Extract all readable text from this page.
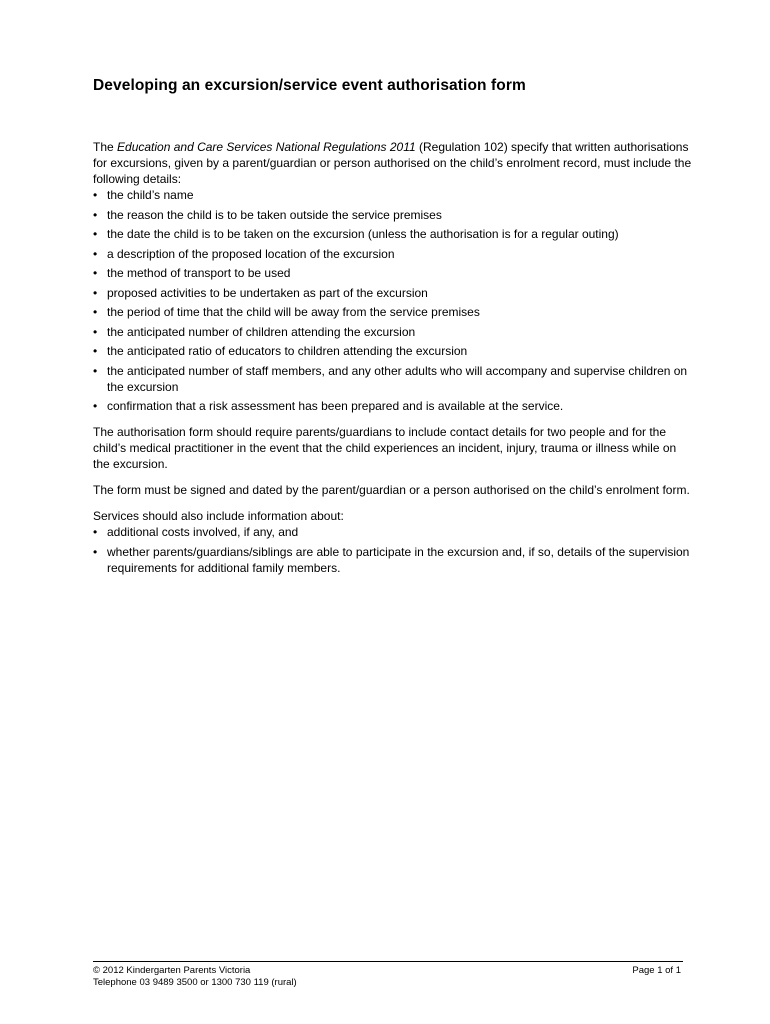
Developing an excursion/service event authorisation form

The Education and Care Services National Regulations 2011 (Regulation 102) specify that written authorisations for excursions, given by a parent/guardian or person authorised on the child’s enrolment record, must include the following details:

• the child’s name
• the reason the child is to be taken outside the service premises
• the date the child is to be taken on the excursion (unless the authorisation is for a regular outing)
• a description of the proposed location of the excursion
• the method of transport to be used
• proposed activities to be undertaken as part of the excursion
• the period of time that the child will be away from the service premises
• the anticipated number of children attending the excursion
• the anticipated ratio of educators to children attending the excursion
• the anticipated number of staff members, and any other adults who will accompany and supervise children on the excursion
• confirmation that a risk assessment has been prepared and is available at the service.

The authorisation form should require parents/guardians to include contact details for two people and for the child’s medical practitioner in the event that the child experiences an incident, injury, trauma or illness while on the excursion.

The form must be signed and dated by the parent/guardian or a person authorised on the child’s enrolment form.

Services should also include information about:

• additional costs involved, if any, and
• whether parents/guardians/siblings are able to participate in the excursion and, if so, details of the supervision requirements for additional family members.
© 2012 Kindergarten Parents Victoria
Telephone 03 9489 3500 or 1300 730 119 (rural)
Page 1 of 1
